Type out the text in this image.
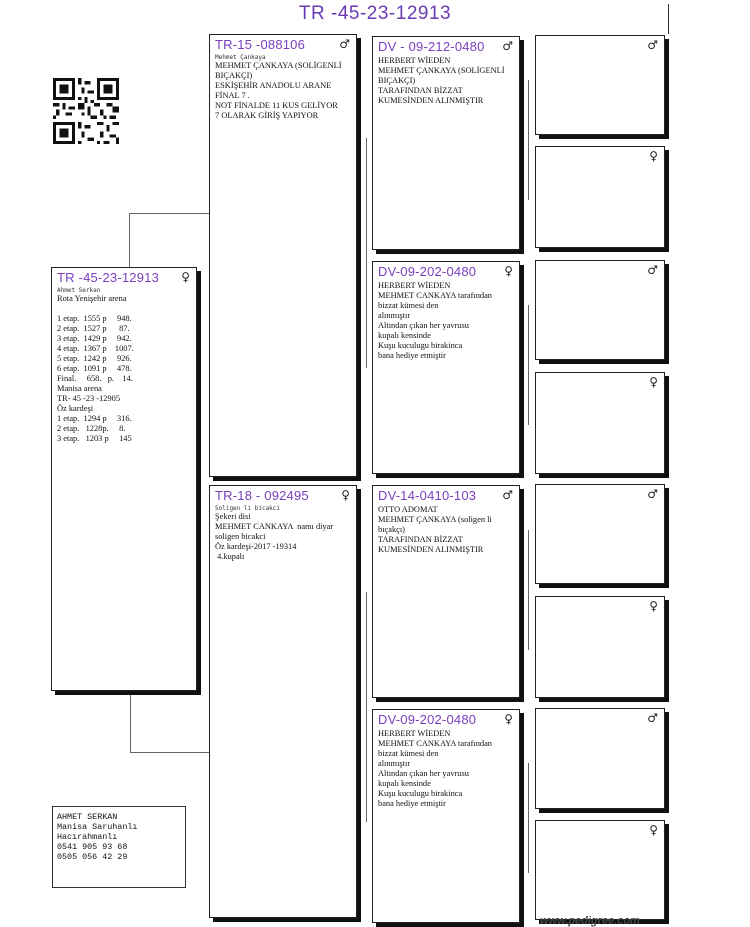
TR -45-23-12913
TR -45-23-12913 ♀
Ahmet Serkan
Rota Yenişehir arena

1 etap.  1555 p     948.
2 etap.  1527 p      87.
3 etap.  1429 p     942.
4 etap.  1367 p    1007.
5 etap.  1242 p     926.
6 etap.  1091 p     478.
Final.     658.   p.    14.
Manisa arena
TR- 45 -23 -12905
Öz kardeşi
1 etap.  1294 p     316.
2 etap.   1228p.     8.
3 etap.   1203 p     145
TR-15 -088106	♂
Mehmet Çankaya
MEHMET ÇANKAYA (SOLİGENLİ
BIÇAKÇI)
ESKİŞEHİR ANADOLU ARANE
FİNAL 7 .
NOT FİNALDE 11 KUS GELİYOR
7 OLARAK GİRİŞ YAPIYOR
TR-18 - 092495	♀
Soligen li bicakci
Şekeri disi
MEHMET CANKAYA  namı diyar
soligen bicakci
Öz kardeşi-2017 -19314
4.kupalı
DV - 09-212-0480 ♂
HERBERT WİEDEN
MEHMET ÇANKAYA (SOLİGENLİ
BIÇAKÇI)
TARAFINDAN BİZZAT
KUMESİNDEN ALINMIŞTIR
DV-09-202-0480 ♀
HERBERT WİEDEN
MEHMET CANKAYA tarafından
bizzat kümesi den
alınmıştır
Altından çıkan her yavrusu
kupalı kensinde
Kuşu kuculugu birakinca
bana hediye etmiştir
DV-14-0410-103 ♂
OTTO ADOMAT
MEHMET ÇANKAYA (soligen li
bıçakçı)
TARAFINDAN BİZZAT
KUMESİNDEN ALINMIŞTIR
DV-09-202-0480 ♀
HERBERT WİEDEN
MEHMET CANKAYA tarafından
bizzat kümesi den
alınmıştır
Altından çıkan her yavrusu
kupalı kensinde
Kuşu kuculugu birakinca
bana hediye etmiştir
♂
♀
♂
♀
♂
♀
♂
♀
AHMET SERKAN
Manisa Saruhanlı
Hacırahmanlı
0541 905 93 68
0505 056 42 29
www.pedigree.com
